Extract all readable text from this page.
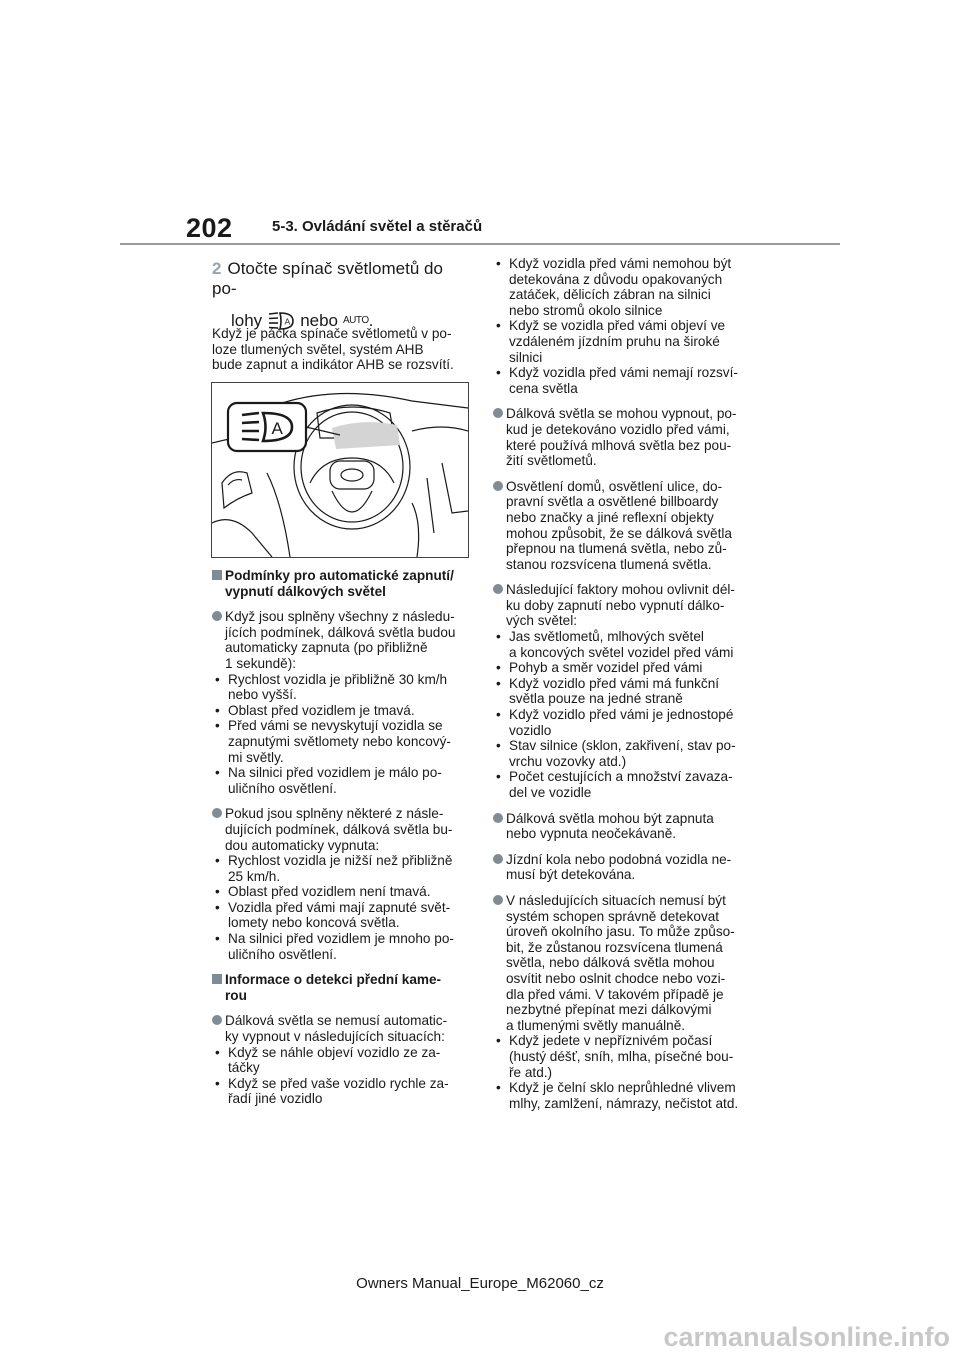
202	5-3. Ovládání světel a stěračů
2 Otočte spínač světlometů do po-
lohy	A nebo AUTO .

Když je páčka spínače světlometů v po-

loze tlumených světel, systém AHB

bude zapnut a indikátor AHB se rozsvítí.

A

Podmínky pro automatické zapnutí/

vypnutí dálkových světel

Když jsou splněny všechny z následu-

jících podmínek, dálková světla budou

automaticky zapnuta (po přibližně

1 sekundě):

• Rychlost vozidla je přibližně 30 km/h

nebo vyšší.

• Oblast před vozidlem je tmavá.

• Před vámi se nevyskytují vozidla se

zapnutými světlomety nebo koncový-

mi světly.

• Na silnici před vozidlem je málo po-

uličního osvětlení.

Pokud jsou splněny některé z násle-

dujících podmínek, dálková světla bu-

dou automaticky vypnuta:

• Rychlost vozidla je nižší než přibližně

25 km/h.

• Oblast před vozidlem není tmavá.

• Vozidla před vámi mají zapnuté svět-

lomety nebo koncová světla.

• Na silnici před vozidlem je mnoho po-

uličního osvětlení.

Informace o detekci přední kame-

rou

Dálková světla se nemusí automatic-

ky vypnout v následujících situacích:

• Když se náhle objeví vozidlo ze za-

táčky

• Když se před vaše vozidlo rychle za-

řadí jiné vozidlo

• Když vozidla před vámi nemohou být

detekována z důvodu opakovaných

zatáček, dělicích zábran na silnici

nebo stromů okolo silnice

• Když se vozidla před vámi objeví ve

vzdáleném jízdním pruhu na široké

silnici

• Když vozidla před vámi nemají rozsví-

cena světla

Dálková světla se mohou vypnout, po-

kud je detekováno vozidlo před vámi,

které používá mlhová světla bez pou-

žití světlometů.

Osvětlení domů, osvětlení ulice, do-

pravní světla a osvětlené billboardy

nebo značky a jiné reflexní objekty

mohou způsobit, že se dálková světla

přepnou na tlumená světla, nebo zů-

stanou rozsvícena tlumená světla.

Následující faktory mohou ovlivnit dél-

ku doby zapnutí nebo vypnutí dálko-

vých světel:

• Jas světlometů, mlhových světel

a koncových světel vozidel před vámi

• Pohyb a směr vozidel před vámi

• Když vozidlo před vámi má funkční

světla pouze na jedné straně

• Když vozidlo před vámi je jednostopé

vozidlo

• Stav silnice (sklon, zakřivení, stav po-

vrchu vozovky atd.)

• Počet cestujících a množství zavaza-

del ve vozidle

Dálková světla mohou být zapnuta

nebo vypnuta neočekávaně.

Jízdní kola nebo podobná vozidla ne-

musí být detekována.

V následujících situacích nemusí být

systém schopen správně detekovat

úroveň okolního jasu. To může způso-

bit, že zůstanou rozsvícena tlumená

světla, nebo dálková světla mohou

osvítit nebo oslnit chodce nebo vozi-

dla před vámi. V takovém případě je

nezbytné přepínat mezi dálkovými

a tlumenými světly manuálně.

• Když jedete v nepříznivém počasí

(hustý déšť, sníh, mlha, písečné bou-

ře atd.)

• Když je čelní sklo neprůhledné vlivem

mlhy, zamlžení, námrazy, nečistot atd.

Owners Manual_Europe_M62060_cz
carmanualsonline.info
